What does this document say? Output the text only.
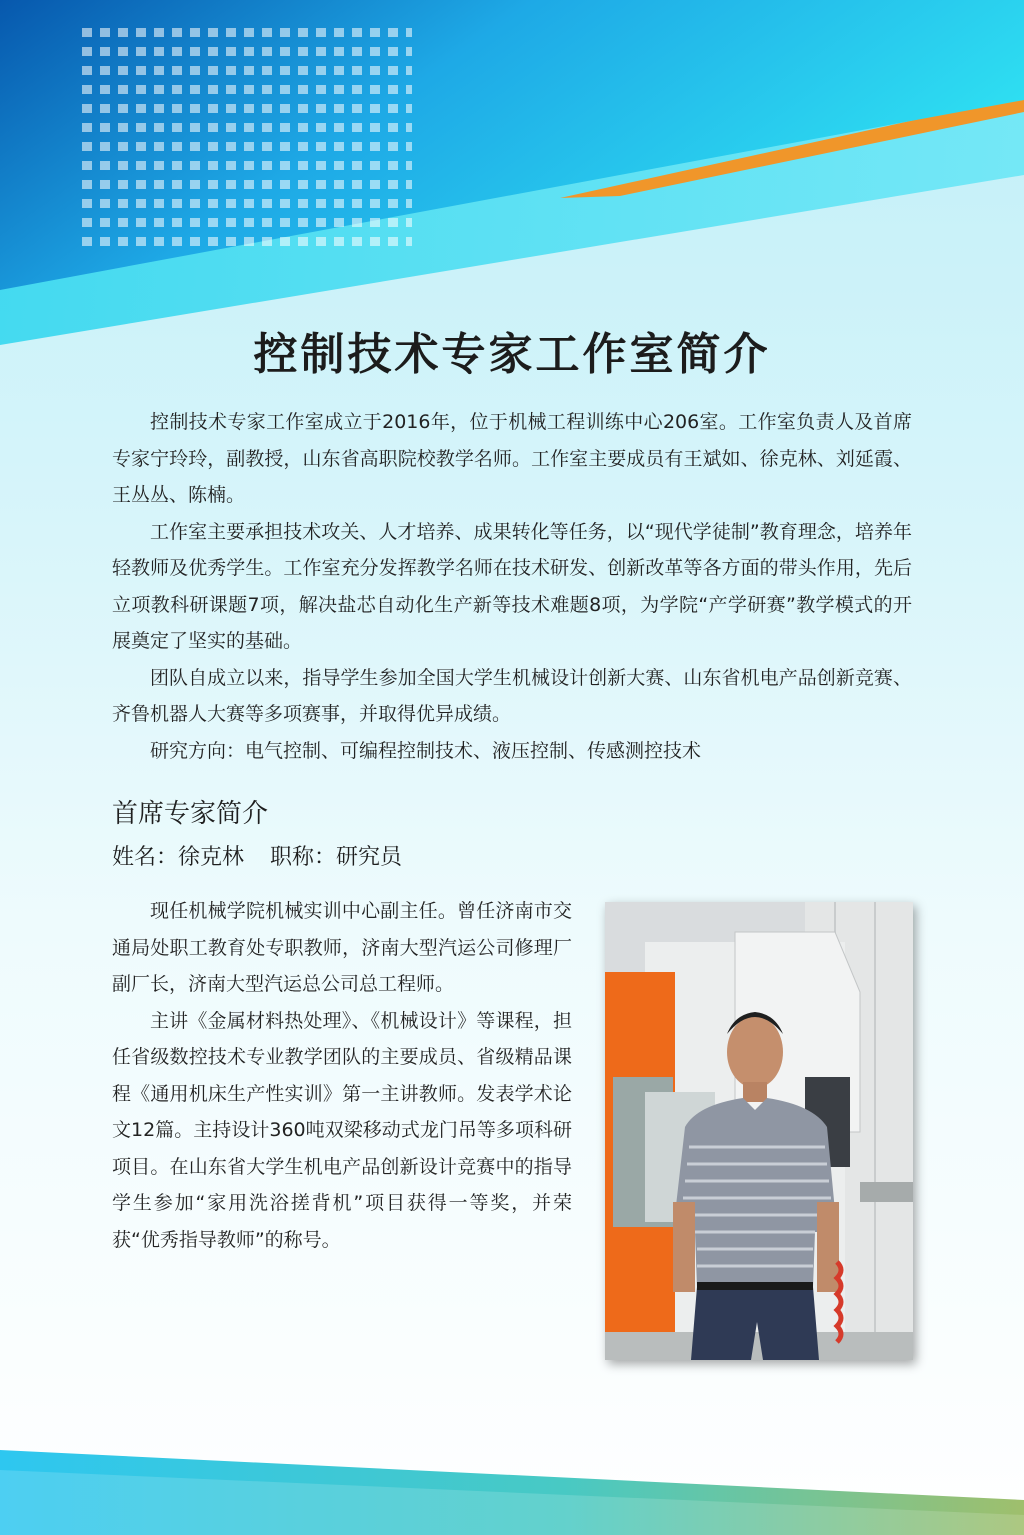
控制技术专家工作室简介

控制技术专家工作室成立于2016年，位于机械工程训练中心206室。工作室负责人及首席专家宁玲玲，副教授，山东省高职院校教学名师。工作室主要成员有王斌如、徐克林、刘延霞、王丛丛、陈楠。

工作室主要承担技术攻关、人才培养、成果转化等任务，以“现代学徒制”教育理念，培养年轻教师及优秀学生。工作室充分发挥教学名师在技术研发、创新改革等各方面的带头作用，先后立项教科研课题7项，解决盐芯自动化生产新等技术难题8项，为学院“产学研赛”教学模式的开展奠定了坚实的基础。

团队自成立以来，指导学生参加全国大学生机械设计创新大赛、山东省机电产品创新竞赛、齐鲁机器人大赛等多项赛事，并取得优异成绩。

研究方向：电气控制、可编程控制技术、液压控制、传感测控技术

首席专家简介
姓名：徐克林 职称：研究员

现任机械学院机械实训中心副主任。曾任济南市交通局处职工教育处专职教师，济南大型汽运公司修理厂副厂长，济南大型汽运总公司总工程师。

主讲《金属材料热处理》、《机械设计》等课程，担任省级数控技术专业教学团队的主要成员、省级精品课程《通用机床生产性实训》第一主讲教师。发表学术论文12篇。主持设计360吨双梁移动式龙门吊等多项科研项目。在山东省大学生机电产品创新设计竞赛中的指导学生参加“家用洗浴搓背机”项目获得一等奖，并荣获“优秀指导教师”的称号。
